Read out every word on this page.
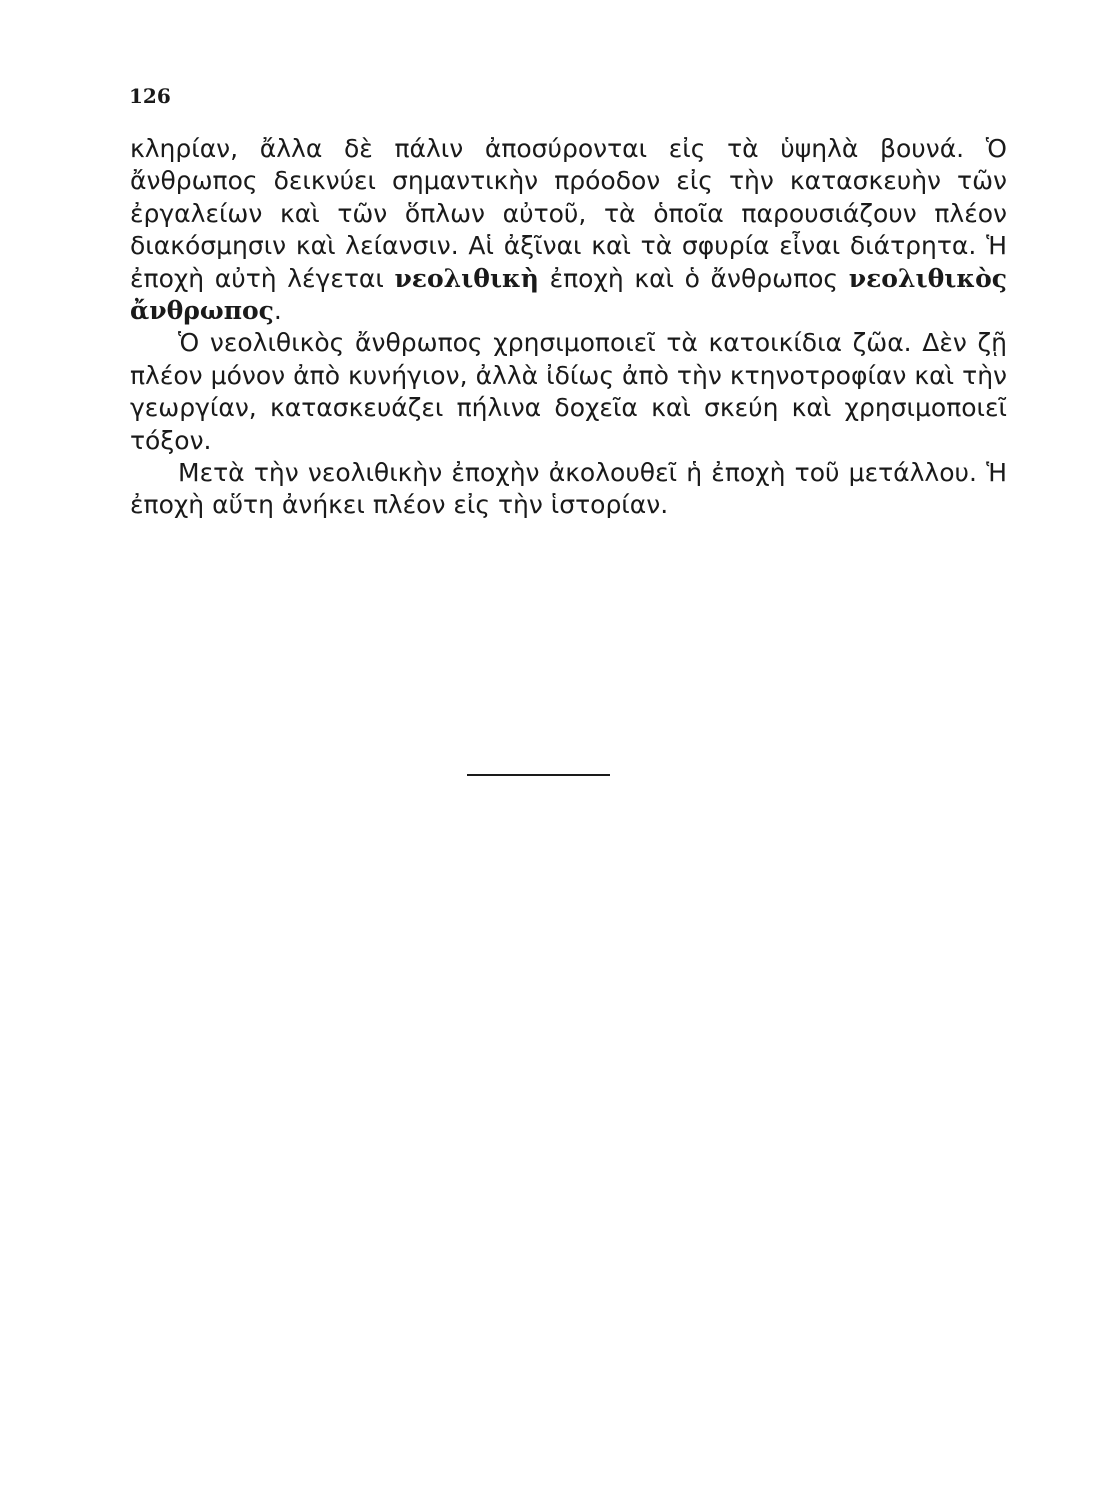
126

κληρίαν, ἄλλα δὲ πάλιν ἀποσύρονται εἰς τὰ ὑψηλὰ βουνά. Ὁ ἄνθρωπος δεικνύει σημαντικὴν πρόοδον εἰς τὴν κατασκευὴν τῶν ἐργαλείων καὶ τῶν ὅπλων αὐτοῦ, τὰ ὁποῖα παρουσιάζουν πλέον διακόσμησιν καὶ λείανσιν. Αἱ ἀξῖναι καὶ τὰ σφυρία εἶναι διάτρητα. Ἡ ἐποχὴ αὐτὴ λέγεται νεολιθικὴ ἐποχὴ καὶ ὁ ἄνθρωπος νεολιθικὸς ἄνθρωπος.

Ὁ νεολιθικὸς ἄνθρωπος χρησιμοποιεῖ τὰ κατοικίδια ζῶα. Δὲν ζῇ πλέον μόνον ἀπὸ κυνήγιον, ἀλλὰ ἰδίως ἀπὸ τὴν κτηνοτροφίαν καὶ τὴν γεωργίαν, κατασκευάζει πήλινα δοχεῖα καὶ σκεύη καὶ χρησιμοποιεῖ τόξον.

Μετὰ τὴν νεολιθικὴν ἐποχὴν ἀκολουθεῖ ἡ ἐποχὴ τοῦ μετάλλου. Ἡ ἐποχὴ αὕτη ἀνήκει πλέον εἰς τὴν ἱστορίαν.
